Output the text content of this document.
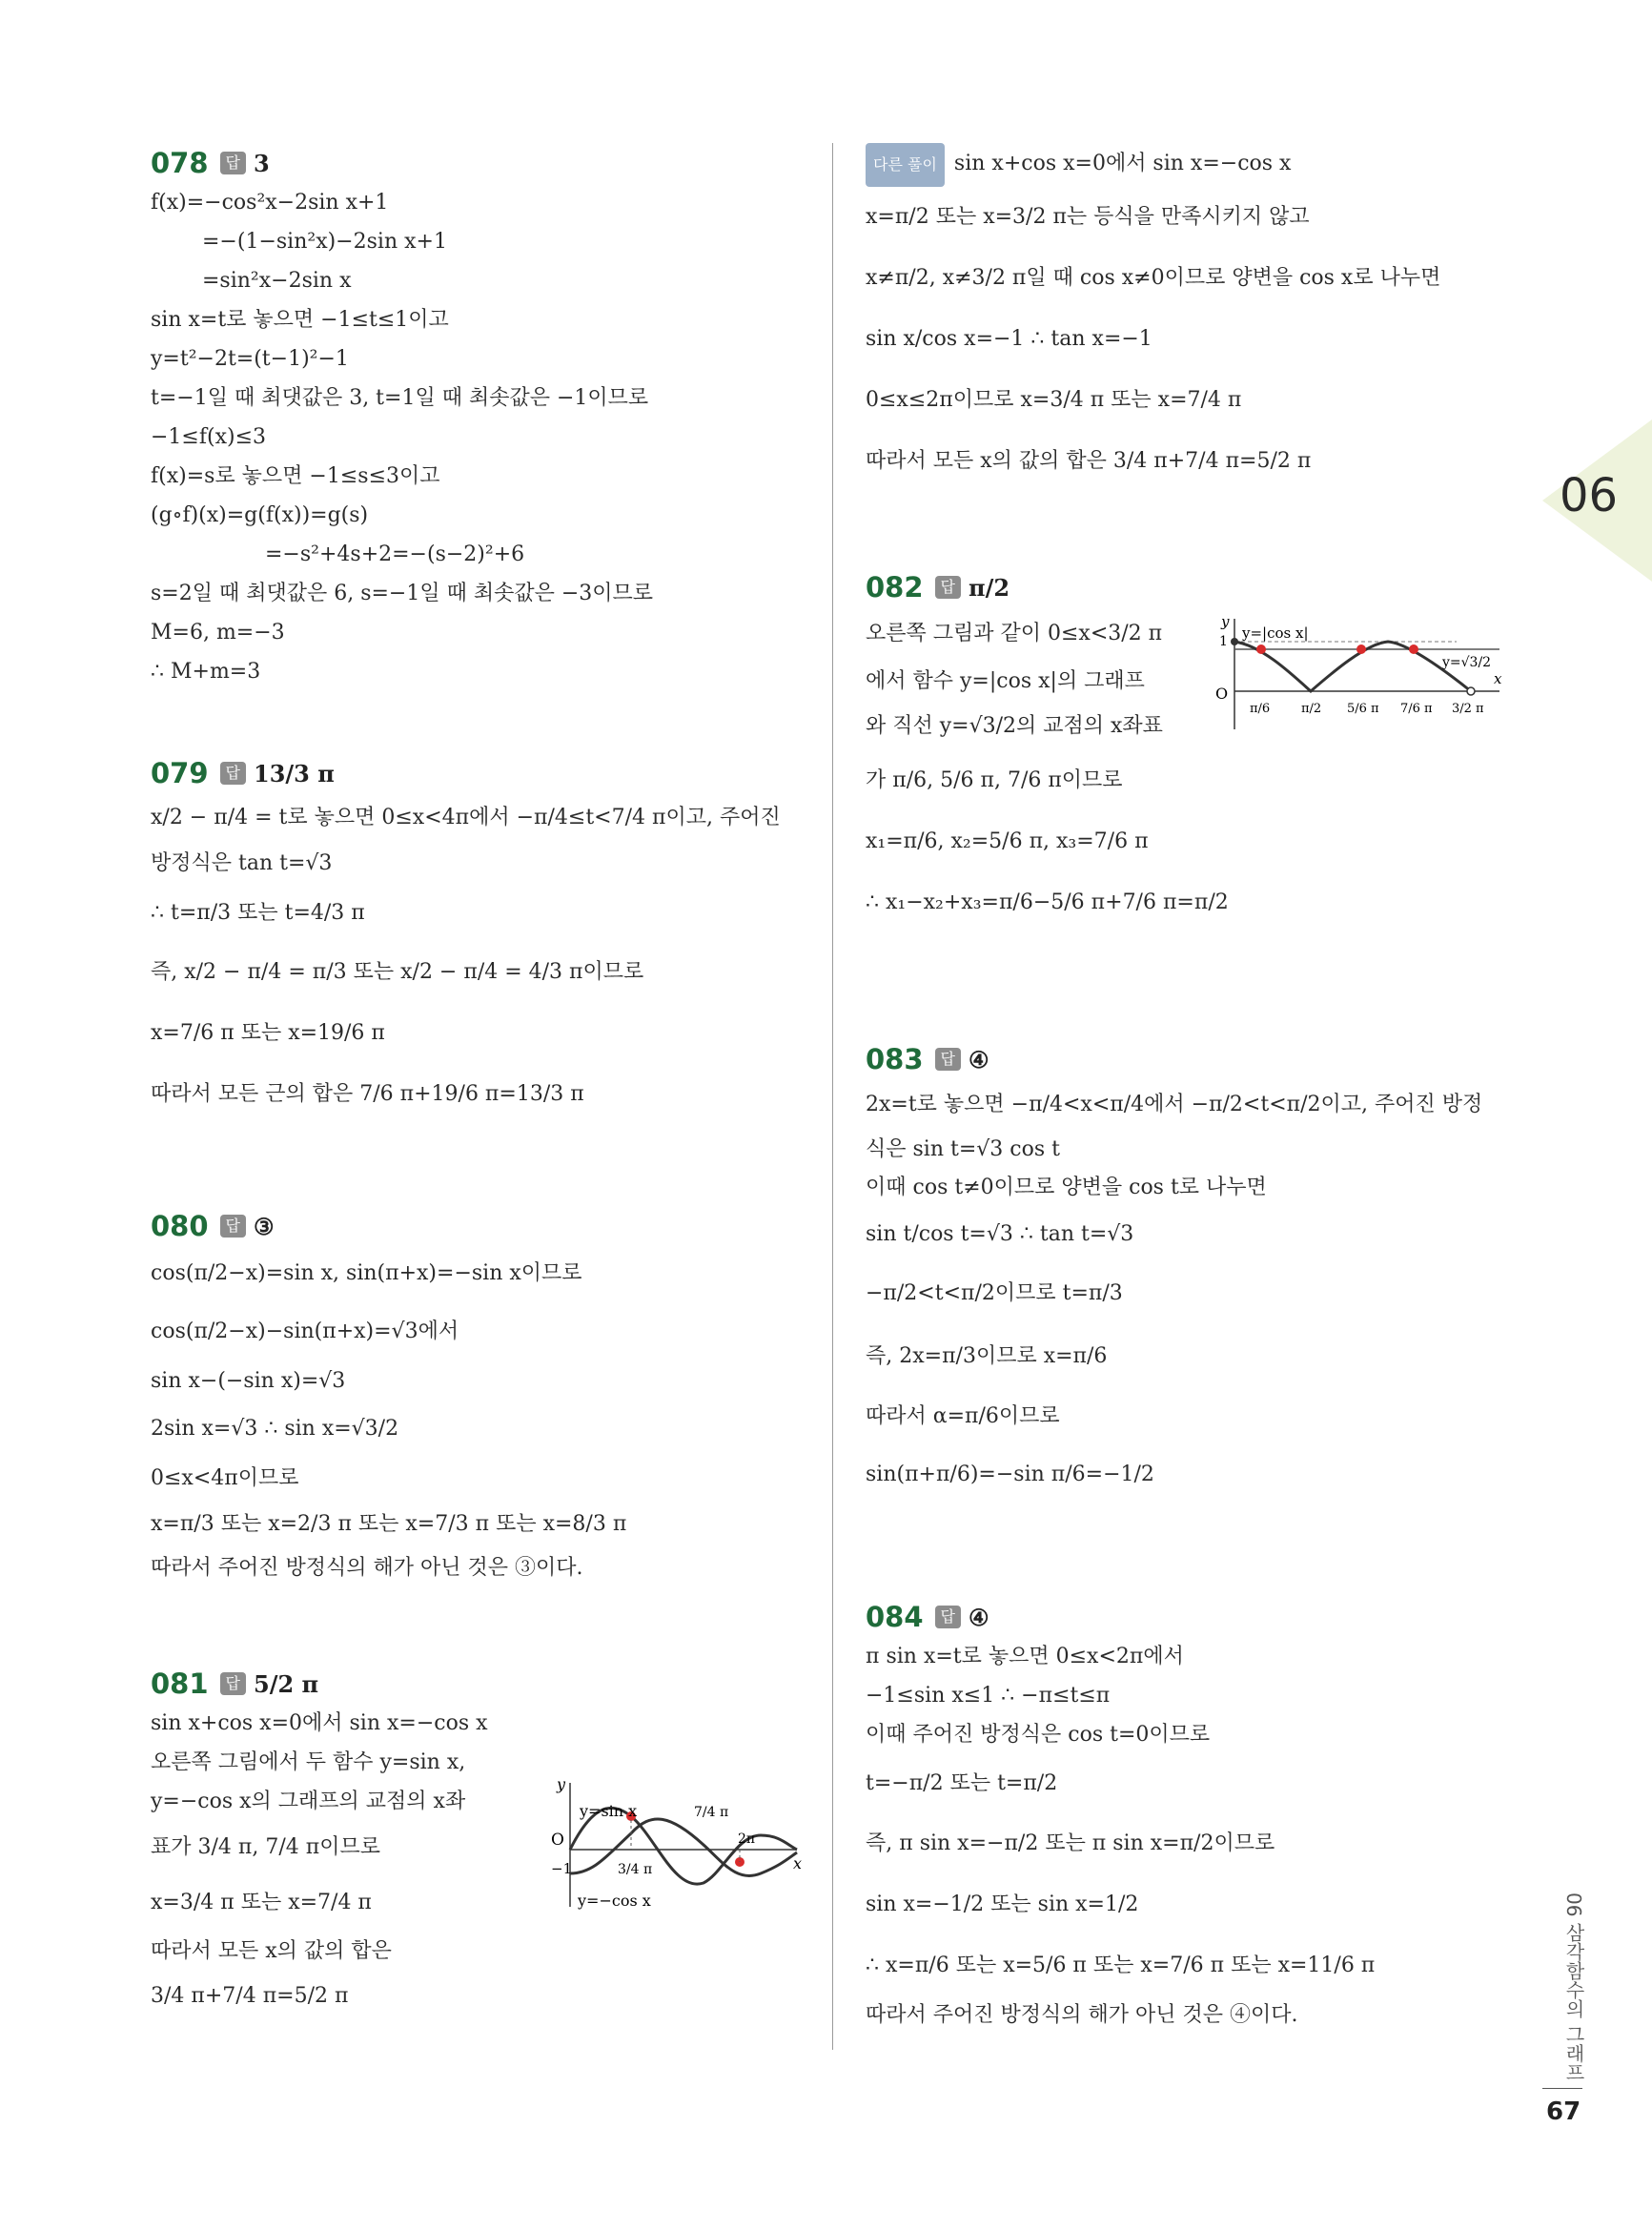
06
06 삼각함수의 그래프
67
078	답 3
f(x)=−cos²x−2sin x+1
=−(1−sin²x)−2sin x+1
=sin²x−2sin x
sin x=t로 놓으면 −1≤t≤1이고
y=t²−2t=(t−1)²−1
t=−1일 때 최댓값은 3, t=1일 때 최솟값은 −1이므로
−1≤f(x)≤3
f(x)=s로 놓으면 −1≤s≤3이고
(g∘f)(x)=g(f(x))=g(s)
=−s²+4s+2=−(s−2)²+6
s=2일 때 최댓값은 6, s=−1일 때 최솟값은 −3이므로
M=6, m=−3
∴ M+m=3
079	답 13/3 π
x/2 − π/4 = t로 놓으면 0≤x<4π에서 −π/4≤t<7/4 π이고, 주어진
방정식은 tan t=√3
∴ t=π/3 또는 t=4/3 π
즉, x/2 − π/4 = π/3 또는 x/2 − π/4 = 4/3 π이므로
x=7/6 π 또는 x=19/6 π
따라서 모든 근의 합은 7/6 π+19/6 π=13/3 π
080	답 ③
cos(π/2−x)=sin x, sin(π+x)=−sin x이므로
cos(π/2−x)−sin(π+x)=√3에서
sin x−(−sin x)=√3
2sin x=√3 ∴ sin x=√3/2
0≤x<4π이므로
x=π/3 또는 x=2/3 π 또는 x=7/3 π 또는 x=8/3 π
따라서 주어진 방정식의 해가 아닌 것은 ③이다.
081	답 5/2 π
sin x+cos x=0에서 sin x=−cos x
오른쪽 그림에서 두 함수 y=sin x,
y=−cos x의 그래프의 교점의 x좌
표가 3/4 π, 7/4 π이므로
x=3/4 π 또는 x=7/4 π
따라서 모든 x의 값의 합은
3/4 π+7/4 π=5/2 π
y
x
O
−1
y=sin x
y=−cos x
7/4 π
2π
3/4 π
다른 풀이 sin x+cos x=0에서 sin x=−cos x
x=π/2 또는 x=3/2 π는 등식을 만족시키지 않고
x≠π/2, x≠3/2 π일 때 cos x≠0이므로 양변을 cos x로 나누면
sin x/cos x=−1 ∴ tan x=−1
0≤x≤2π이므로 x=3/4 π 또는 x=7/4 π
따라서 모든 x의 값의 합은 3/4 π+7/4 π=5/2 π
082	답 π/2
오른쪽 그림과 같이 0≤x<3/2 π
에서 함수 y=|cos x|의 그래프
와 직선 y=√3/2의 교점의 x좌표
가 π/6, 5/6 π, 7/6 π이므로
x₁=π/6, x₂=5/6 π, x₃=7/6 π
∴ x₁−x₂+x₃=π/6−5/6 π+7/6 π=π/2
y
x
O
1 y=|cos x|
y=√3/2
π/6	π/2 5/6 π 7/6 π 3/2 π
083	답 ④
2x=t로 놓으면 −π/4<x<π/4에서 −π/2<t<π/2이고, 주어진 방정
식은 sin t=√3 cos t
이때 cos t≠0이므로 양변을 cos t로 나누면
sin t/cos t=√3 ∴ tan t=√3
−π/2<t<π/2이므로 t=π/3
즉, 2x=π/3이므로 x=π/6
따라서 α=π/6이므로
sin(π+π/6)=−sin π/6=−1/2
084	답 ④
π sin x=t로 놓으면 0≤x<2π에서
−1≤sin x≤1 ∴ −π≤t≤π
이때 주어진 방정식은 cos t=0이므로
t=−π/2 또는 t=π/2
즉, π sin x=−π/2 또는 π sin x=π/2이므로
sin x=−1/2 또는 sin x=1/2
∴ x=π/6 또는 x=5/6 π 또는 x=7/6 π 또는 x=11/6 π
따라서 주어진 방정식의 해가 아닌 것은 ④이다.
